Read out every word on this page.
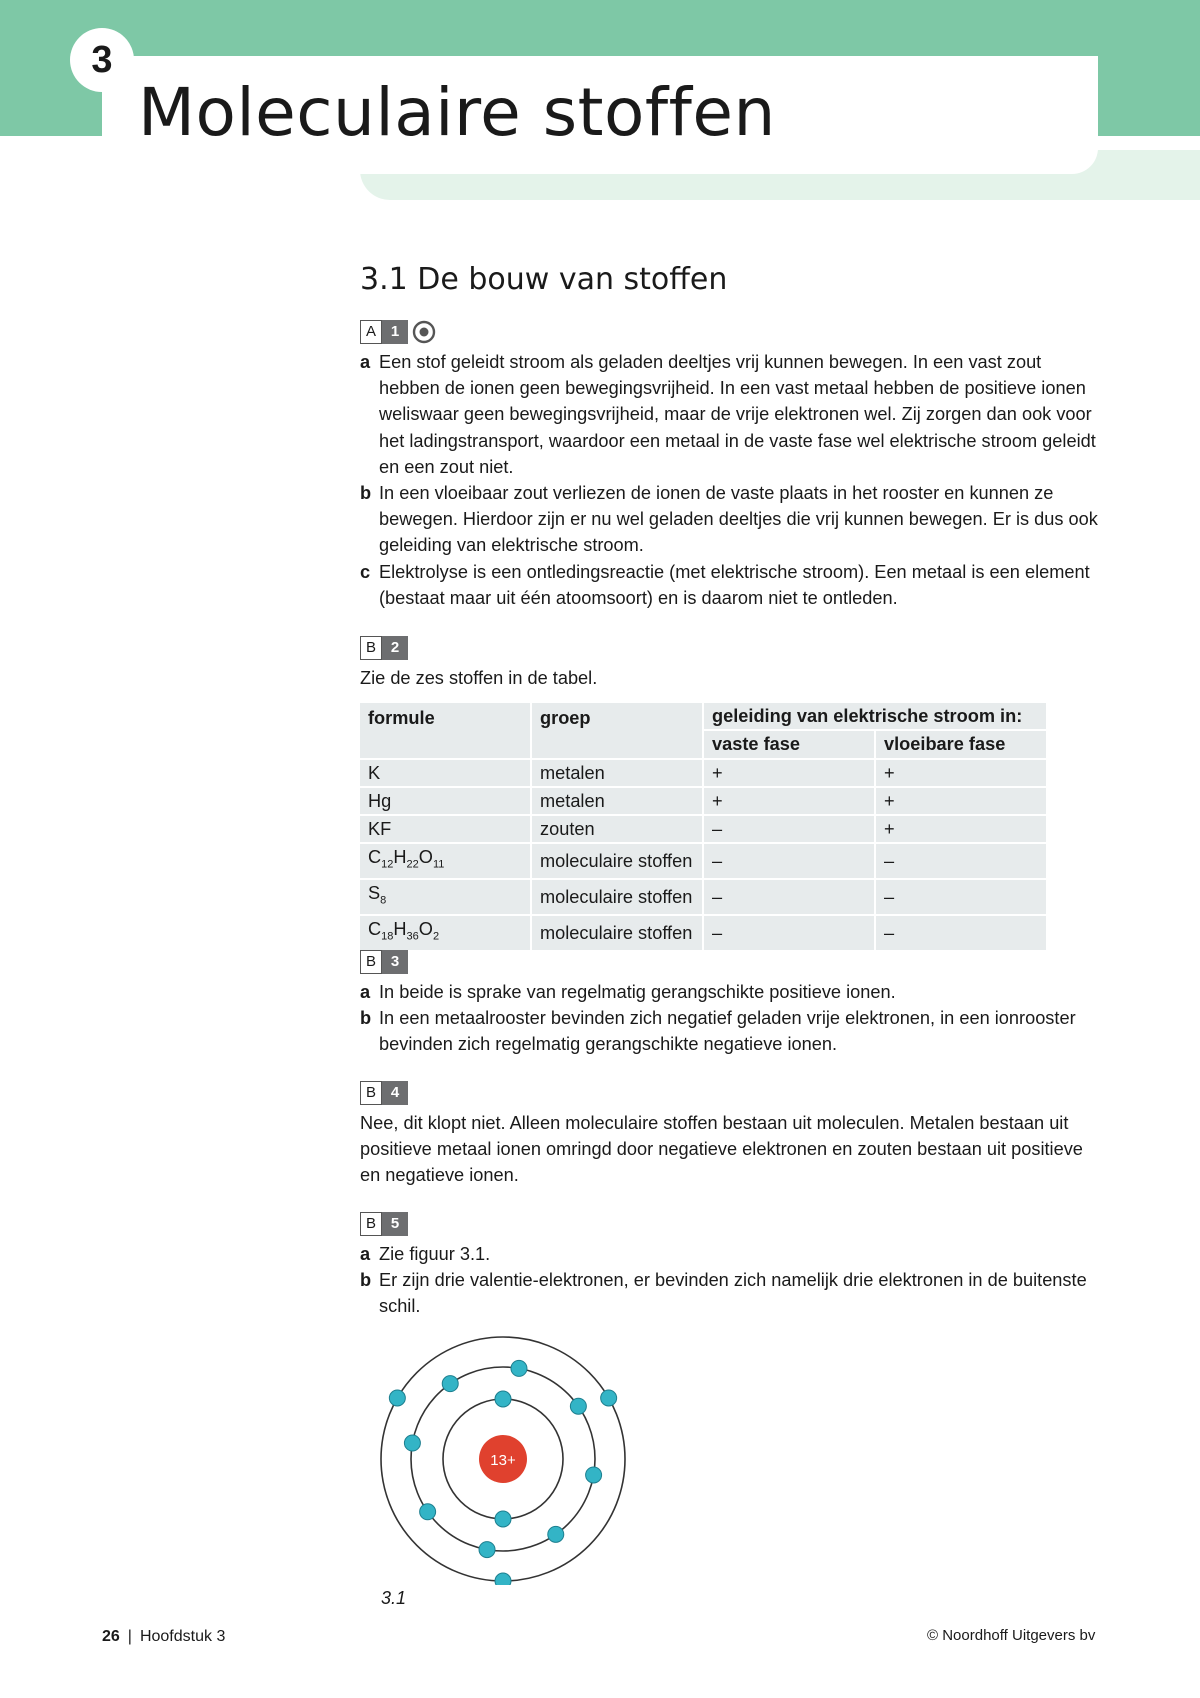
3
Moleculaire stoffen
3.1 De bouw van stoffen
A 1
a Een stof geleidt stroom als geladen deeltjes vrij kunnen bewegen. In een vast zout hebben de ionen geen bewegingsvrijheid. In een vast metaal hebben de positieve ionen weliswaar geen bewegingsvrijheid, maar de vrije elektronen wel. Zij zorgen dan ook voor het ladingstransport, waardoor een metaal in de vaste fase wel elektrische stroom geleidt en een zout niet.
b In een vloeibaar zout verliezen de ionen de vaste plaats in het rooster en kunnen ze bewegen. Hierdoor zijn er nu wel geladen deeltjes die vrij kunnen bewegen. Er is dus ook geleiding van elektrische stroom.
c Elektrolyse is een ontledingsreactie (met elektrische stroom). Een metaal is een element (bestaat maar uit één atoomsoort) en is daarom niet te ontleden.
B 2
Zie de zes stoffen in de tabel.
formule	groep	geleiding van elektrische stroom in:	
		vaste fase	vloeibare fase
K	metalen	+	+
Hg	metalen	+	+
KF	zouten	–	+
$C_{12}H_{22}O_{11}$	moleculaire stoffen	–	–
$S_8$	moleculaire stoffen	–	–
$C_{18}H_{36}O_2$	moleculaire stoffen	–	–
B 3
a In beide is sprake van regelmatig gerangschikte positieve ionen.
b In een metaalrooster bevinden zich negatief geladen vrije elektronen, in een ionrooster bevinden zich regelmatig gerangschikte negatieve ionen.
B 4
Nee, dit klopt niet. Alleen moleculaire stoffen bestaan uit moleculen. Metalen bestaan uit positieve metaal ionen omringd door negatieve elektronen en zouten bestaan uit positieve en negatieve ionen.
B 5
a Zie figuur 3.1.
b Er zijn drie valentie-elektronen, er bevinden zich namelijk drie elektronen in de buitenste schil.
13+
3.1
26 | Hoofdstuk 3	© Noordhoff Uitgevers bv
